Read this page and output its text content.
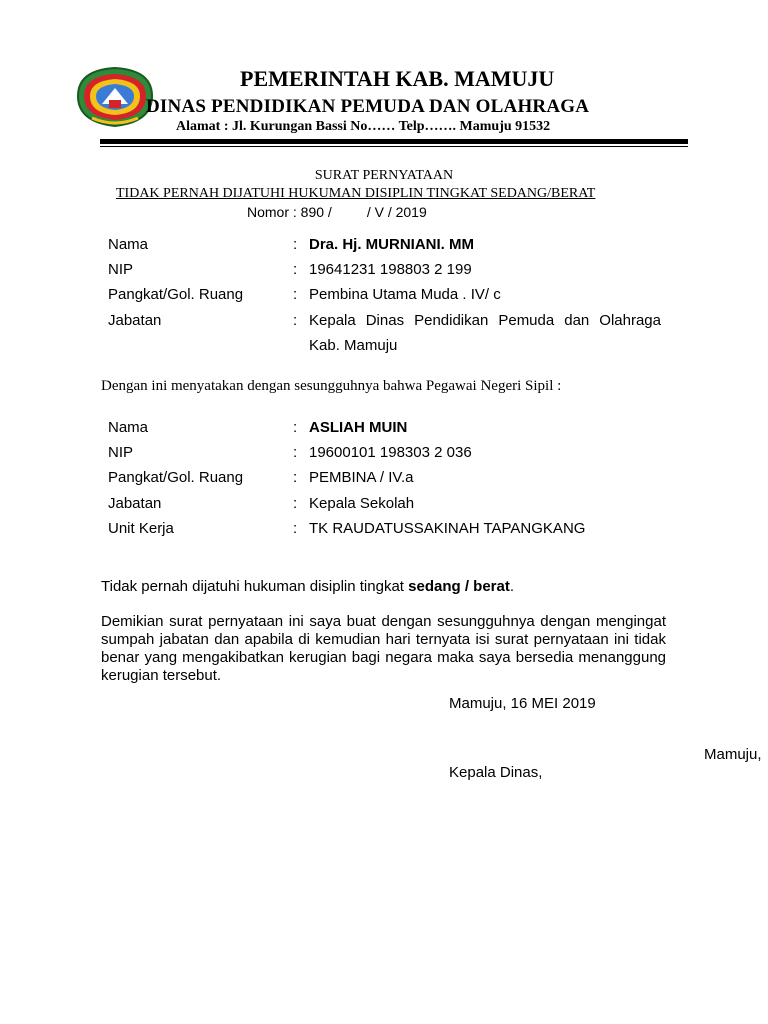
PEMERINTAH KAB. MAMUJU
DINAS PENDIDIKAN PEMUDA DAN OLAHRAGA
Alamat : Jl. Kurungan Bassi No…… Telp……. Mamuju 91532
SURAT PERNYATAAN
TIDAK PERNAH DIJATUHI HUKUMAN DISIPLIN TINGKAT SEDANG/BERAT
Nomor : 890 /         / V / 2019
Nama	: Dra. Hj. MURNIANI. MM
NIP	: 19641231 198803 2 199
Pangkat/Gol. Ruang	: Pembina Utama Muda . IV/ c
Jabatan	: Kepala Dinas Pendidikan Pemuda dan Olahraga
Kab. Mamuju
Dengan ini menyatakan dengan sesungguhnya bahwa Pegawai Negeri Sipil :
Nama	: ASLIAH MUIN
NIP	: 19600101 198303 2 036
Pangkat/Gol. Ruang	: PEMBINA / IV.a
Jabatan	: Kepala Sekolah
Unit Kerja	: TK RAUDATUSSAKINAH TAPANGKANG
Tidak pernah dijatuhi hukuman disiplin tingkat sedang / berat.
Demikian surat pernyataan ini saya buat dengan sesungguhnya dengan mengingat sumpah jabatan dan apabila di kemudian hari ternyata isi surat pernyataan ini tidak benar yang mengakibatkan kerugian bagi negara maka saya bersedia menanggung kerugian tersebut.
Mamuju, 16 MEI 2019
Mamuju,
Kepala Dinas,
